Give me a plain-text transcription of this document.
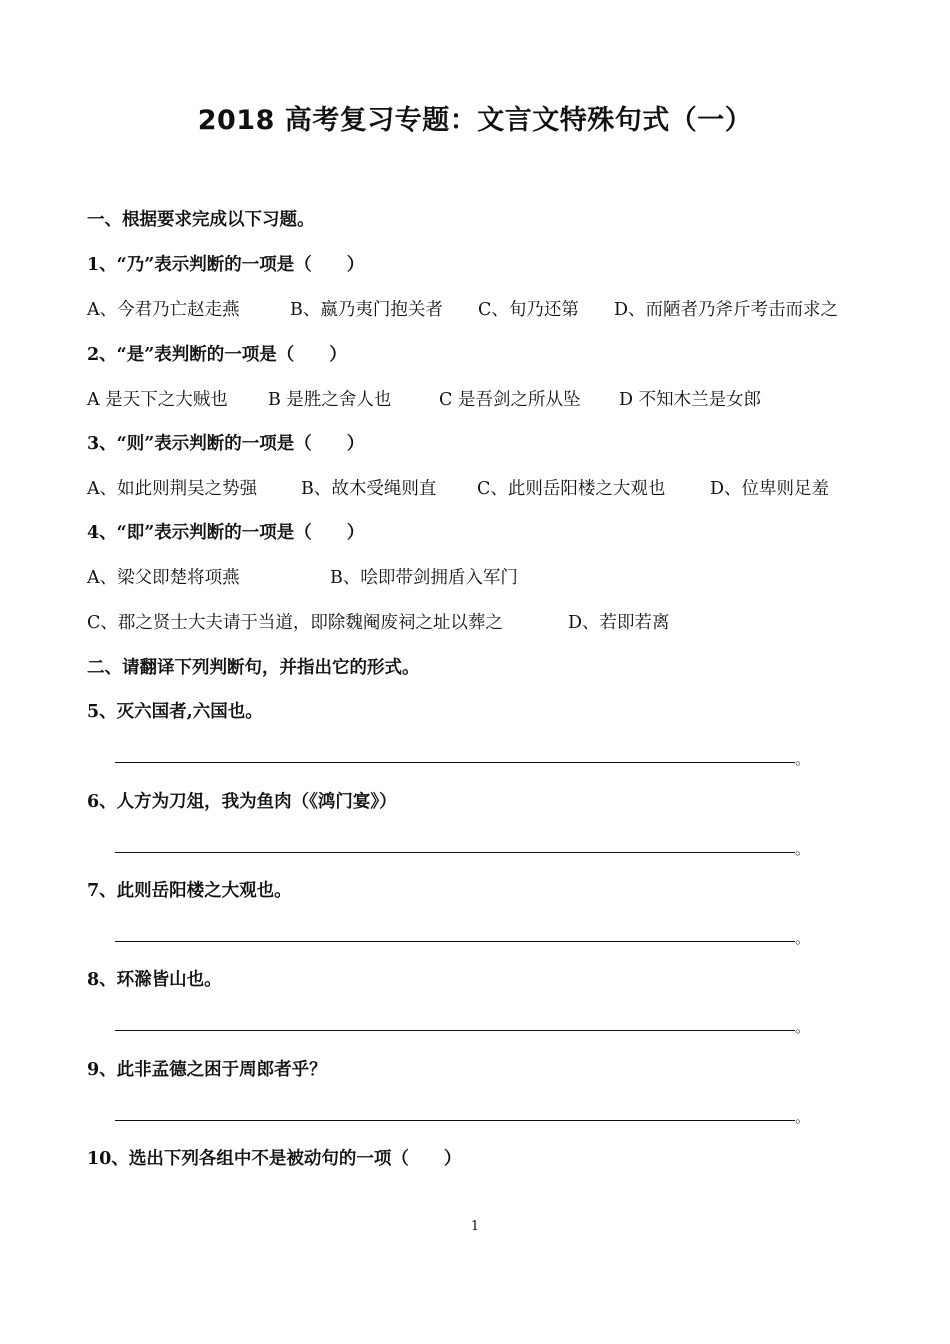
2018 高考复习专题：文言文特殊句式（一）
一、根据要求完成以下习题。
1、“乃”表示判断的一项是（　　）
A、今君乃亡赵走燕	B、嬴乃夷门抱关者 C、旬乃还第 D、而陋者乃斧斤考击而求之
2、“是”表判断的一项是（　　）
A 是天下之大贼也 B 是胜之舍人也	C 是吾剑之所从坠 D 不知木兰是女郎
3、“则”表示判断的一项是（　　）
A、如此则荆吴之势强	B、故木受绳则直 C、此则岳阳楼之大观也	D、位卑则足羞
4、“即”表示判断的一项是（　　）
A、梁父即楚将项燕	B、哙即带剑拥盾入军门
C、郡之贤士大夫请于当道，即除魏阉废祠之址以葬之	D、若即若离
二、请翻译下列判断句，并指出它的形式。
5、灭六国者,六国也。
。
6、人方为刀俎，我为鱼肉（《鸿门宴》）
。
7、此则岳阳楼之大观也。
。
8、环滁皆山也。
。
9、此非孟德之困于周郎者乎？
。
10、选出下列各组中不是被动句的一项（　　）
1
